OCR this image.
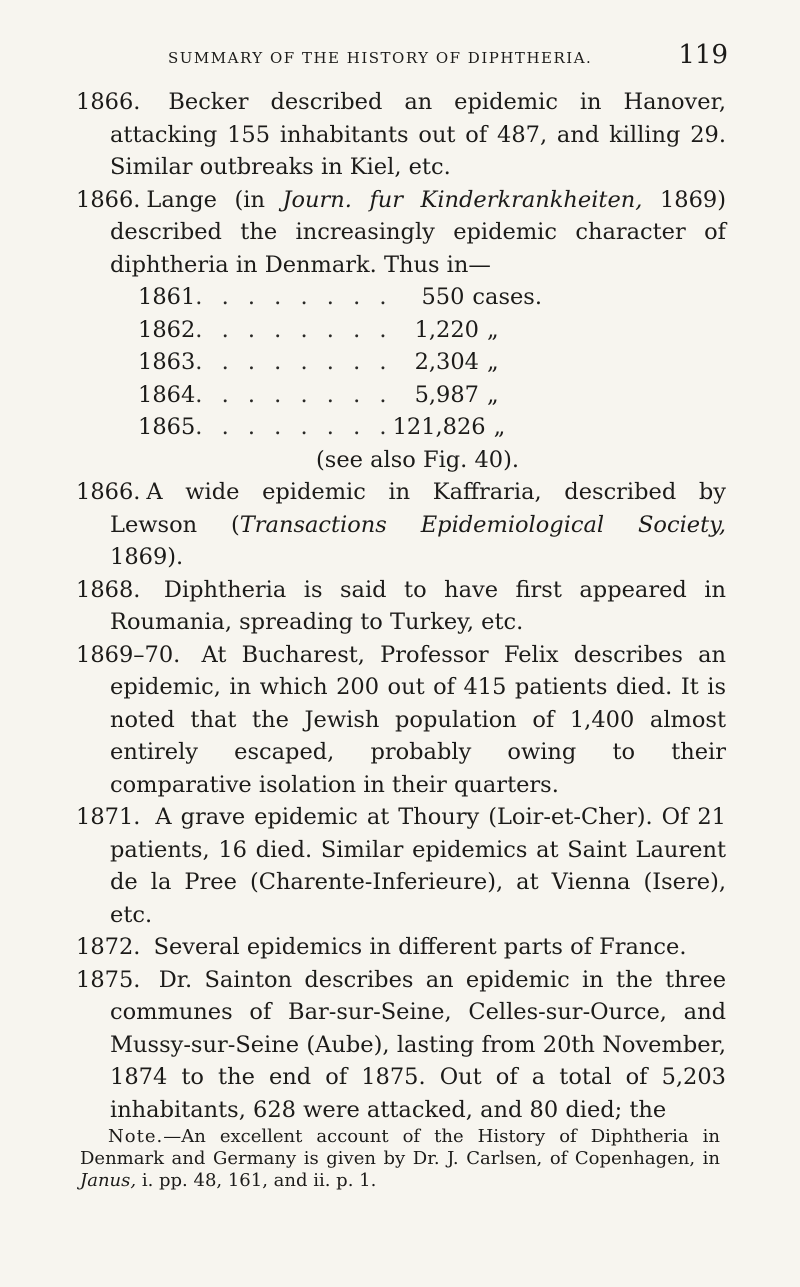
SUMMARY OF THE HISTORY OF DIPHTHERIA.	119

1866. Becker described an epidemic in Hanover, attacking 155 inhabitants out of 487, and killing 29. Similar outbreaks in Kiel, etc.

1866. Lange (in Journ. fur Kinderkrankheiten, 1869) described the increasingly epidemic character of diphtheria in Denmark. Thus in—

1861 . . . . . . . .	550 cases.
1862 . . . . . . . . 1,220 „
1863 . . . . . . . . 2,304 „
1864 . . . . . . . . 5,987 „
1865 . . . . . . . . 121,826 „
(see also Fig. 40).

1866. A wide epidemic in Kaffraria, described by Lewson (Transactions Epidemiological Society, 1869).

1868. Diphtheria is said to have first appeared in Roumania, spreading to Turkey, etc.

1869–70. At Bucharest, Professor Felix describes an epidemic, in which 200 out of 415 patients died. It is noted that the Jewish population of 1,400 almost entirely escaped, probably owing to their comparative isolation in their quarters.

1871. A grave epidemic at Thoury (Loir-et-Cher). Of 21 patients, 16 died. Similar epidemics at Saint Laurent de la Pree (Charente-Inferieure), at Vienna (Isere), etc.

1872. Several epidemics in different parts of France.

1875. Dr. Sainton describes an epidemic in the three communes of Bar-sur-Seine, Celles-sur-Ource, and Mussy-sur-Seine (Aube), lasting from 20th November, 1874 to the end of 1875. Out of a total of 5,203 inhabitants, 628 were attacked, and 80 died; the

Note.—An excellent account of the History of Diphtheria in Denmark and Germany is given by Dr. J. Carlsen, of Copenhagen, in Janus, i. pp. 48, 161, and ii. p. 1.
